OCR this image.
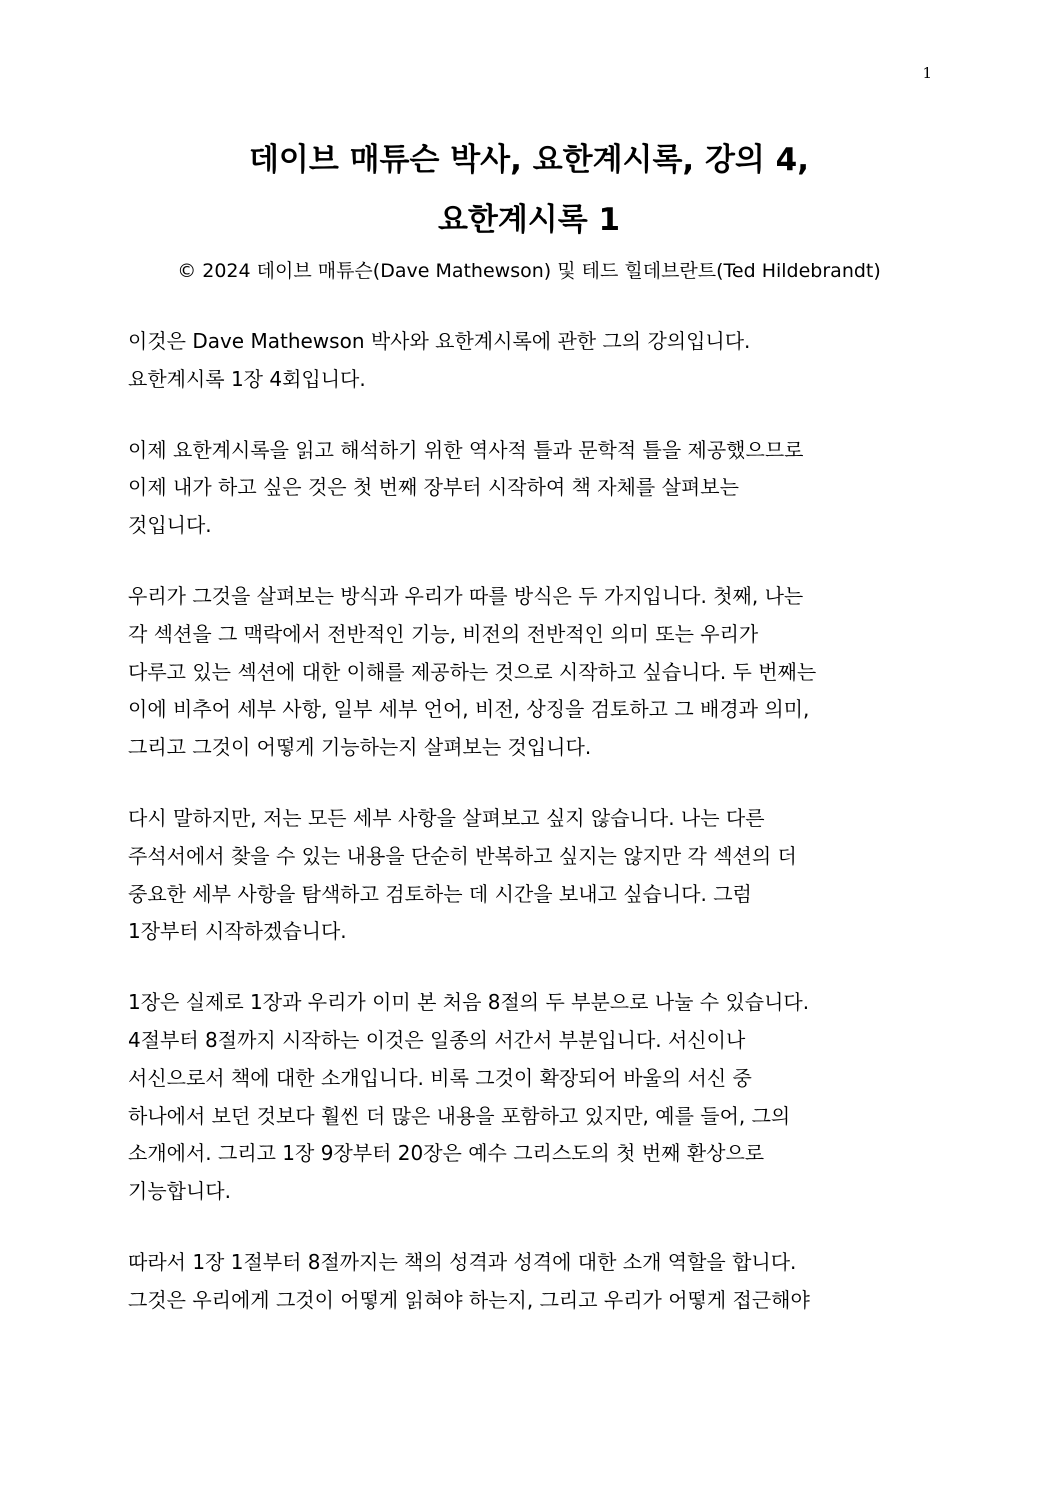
1

데이브 매튜슨 박사, 요한계시록, 강의 4,

요한계시록 1

© 2024 데이브 매튜슨(Dave Mathewson) 및 테드 힐데브란트(Ted Hildebrandt)

이것은 Dave Mathewson 박사와 요한계시록에 관한 그의 강의입니다.
요한계시록 1장 4회입니다.

이제 요한계시록을 읽고 해석하기 위한 역사적 틀과 문학적 틀을 제공했으므로
이제 내가 하고 싶은 것은 첫 번째 장부터 시작하여 책 자체를 살펴보는
것입니다.

우리가 그것을 살펴보는 방식과 우리가 따를 방식은 두 가지입니다. 첫째, 나는
각 섹션을 그 맥락에서 전반적인 기능, 비전의 전반적인 의미 또는 우리가
다루고 있는 섹션에 대한 이해를 제공하는 것으로 시작하고 싶습니다. 두 번째는
이에 비추어 세부 사항, 일부 세부 언어, 비전, 상징을 검토하고 그 배경과 의미,
그리고 그것이 어떻게 기능하는지 살펴보는 것입니다.

다시 말하지만, 저는 모든 세부 사항을 살펴보고 싶지 않습니다. 나는 다른
주석서에서 찾을 수 있는 내용을 단순히 반복하고 싶지는 않지만 각 섹션의 더
중요한 세부 사항을 탐색하고 검토하는 데 시간을 보내고 싶습니다. 그럼
1장부터 시작하겠습니다.

1장은 실제로 1장과 우리가 이미 본 처음 8절의 두 부분으로 나눌 수 있습니다.
4절부터 8절까지 시작하는 이것은 일종의 서간서 부분입니다. 서신이나
서신으로서 책에 대한 소개입니다. 비록 그것이 확장되어 바울의 서신 중
하나에서 보던 것보다 훨씬 더 많은 내용을 포함하고 있지만, 예를 들어, 그의
소개에서. 그리고 1장 9장부터 20장은 예수 그리스도의 첫 번째 환상으로
기능합니다.

따라서 1장 1절부터 8절까지는 책의 성격과 성격에 대한 소개 역할을 합니다.
그것은 우리에게 그것이 어떻게 읽혀야 하는지, 그리고 우리가 어떻게 접근해야
